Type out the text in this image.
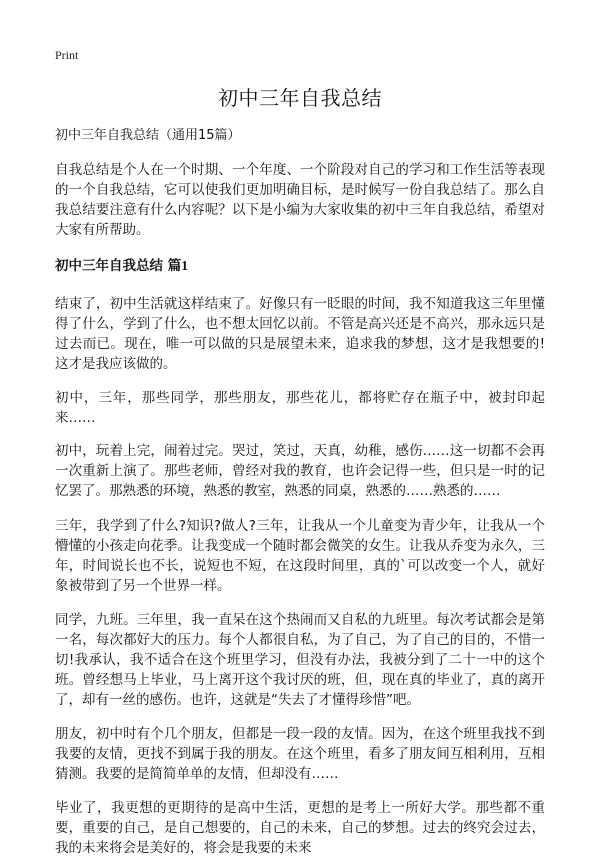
Print
初中三年自我总结

初中三年自我总结（通用15篇）

自我总结是个人在一个时期、一个年度、一个阶段对自己的学习和工作生活等表现的一个自我总结，它可以使我们更加明确目标，是时候写一份自我总结了。那么自我总结要注意有什么内容呢？以下是小编为大家收集的初中三年自我总结，希望对大家有所帮助。

初中三年自我总结 篇1

结束了，初中生活就这样结束了。好像只有一眨眼的时间，我不知道我这三年里懂得了什么，学到了什么，也不想太回忆以前。不管是高兴还是不高兴，那永远只是过去而已。现在，唯一可以做的只是展望未来，追求我的梦想，这才是我想要的!这才是我应该做的。

初中，三年，那些同学，那些朋友，那些花儿，都将贮存在瓶子中，被封印起来……

初中，玩着上完，闹着过完。哭过，笑过，天真，幼稚，感伤……这一切都不会再一次重新上演了。那些老师，曾经对我的教育，也许会记得一些，但只是一时的记忆罢了。那熟悉的环境，熟悉的教室，熟悉的同桌，熟悉的……熟悉的……

三年，我学到了什么?知识?做人?三年，让我从一个儿童变为青少年，让我从一个懵懂的小孩走向花季。让我变成一个随时都会微笑的女生。让我从乔变为永久，三年，时间说长也不长，说短也不短，在这段时间里，真的`可以改变一个人，就好象被带到了另一个世界一样。

同学，九班。三年里，我一直呆在这个热闹而又自私的九班里。每次考试都会是第一名，每次都好大的压力。每个人都很自私，为了自己，为了自己的目的，不惜一切!我承认，我不适合在这个班里学习，但没有办法，我被分到了二十一中的这个班。曾经想马上毕业，马上离开这个我讨厌的班，但，现在真的毕业了，真的离开了，却有一丝的感伤。也许，这就是“失去了才懂得珍惜”吧。

朋友，初中时有个几个朋友，但都是一段一段的友情。因为，在这个班里我找不到我要的友情，更找不到属于我的朋友。在这个班里，看多了朋友间互相利用，互相猜测。我要的是简简单单的友情，但却没有……

毕业了，我更想的更期待的是高中生活，更想的是考上一所好大学。那些都不重要，重要的自己，是自己想要的，自己的未来，自己的梦想。过去的终究会过去，我的未来将会是美好的，将会是我要的未来
